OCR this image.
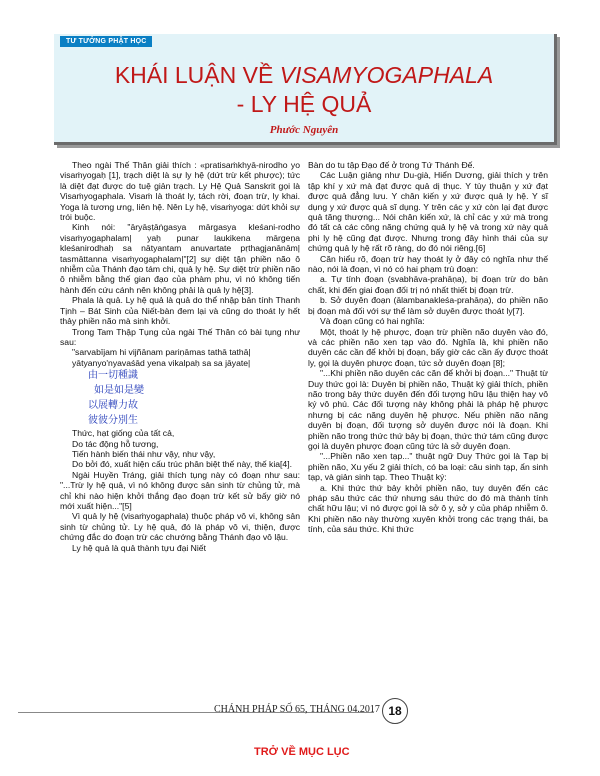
TƯ TƯỞNG PHẬT HỌC
KHÁI LUẬN VỀ VISAMYOGAPHALA
- LY HỆ QUẢ
Phước Nguyên

Theo ngài Thế Thân giải thích : «pratisaṁkhyā-nirodho yo visaṁyogaḥ [1], trạch diệt là sự ly hệ (dứt trừ kết phược); tức là diệt đạt được do tuệ giản trạch. Ly Hệ Quả Sanskrit gọi là Visaṁyogaphala. Visaṁ là thoát ly, tách rời, đoạn trừ, ly khai. Yoga là tương ưng, liên hệ. Nên Ly hệ, visaṁyoga: dứt khỏi sự trói buộc.

Kinh nói: "āryāṣṭāṅgasya mārgasya kleśani-rodho visaṁyogaphalam| yaḥ punar laukikena mārgeṇa kleśanirodhaḥ sa nātyantam anuvartate pṛthagjanānām| tasmāttanna visaṁyogaphalam|"[2] sự diệt tận phiền não ô nhiễm của Thánh đạo tám chi, quả ly hệ. Sự diệt trừ phiền não ô nhiễm bằng thế gian đạo của phàm phu, vì nó không tiến hành đến cứu cánh nên không phải là quả ly hệ[3].

Phala là quả. Ly hệ quả là quả do thể nhập bản tính Thanh Tịnh – Bát Sinh của Niết-bàn đem lại và cũng do thoát ly hết thảy phiền não mà sinh khởi.

Trong Tam Thập Tụng của ngài Thế Thân có bài tụng như sau:

"sarvabījam hi vijñānam pariṇāmas tathā tathā|

yātyanyo'nyavaśād yena vikalpaḥ sa sa jāyate|

由一切種識

如是如是變

以展轉力故

彼彼分別生

Thức, hạt giống của tất cả,

Do tác động hỗ tương,

Tiến hành biến thái như vậy, như vậy,

Do bởi đó, xuất hiện cấu trúc phân biệt thế này, thế kia[4].

Ngài Huyền Tráng, giải thích tụng này có đoạn như sau: "...Trừ ly hệ quả, vì nó không được sản sinh từ chủng tử, mà chỉ khi nào hiện khởi thắng đạo đoạn trừ kết sử bấy giờ nó mới xuất hiện..."[5]

Vì quả ly hệ (visaṁyogaphala) thuộc pháp vô vi, không sản sinh từ chủng tử. Ly hệ quả, đó là pháp vô vi, thiện, được chứng đắc do đoạn trừ các chướng bằng Thánh đạo vô lậu.

Ly hệ quả là quả thành tựu đại Niết

Bàn do tu tập Đạo đế ở trong Tứ Thánh Đế.

Các Luận giảng như Du-già, Hiển Dương, giải thích y trên tập khí y xứ mà đạt được quả dị thục. Y tùy thuận y xứ đạt được quả đẳng lưu. Y chân kiến y xứ được quả ly hệ. Y sĩ dụng y xứ được quả sĩ dụng. Y trên các y xứ còn lại đạt được quả tăng thượng... Nói chân kiến xứ, là chỉ các y xứ mà trong đó tất cả các công năng chứng quả ly hệ và trong xứ này quả phi ly hệ cũng đạt được. Nhưng trong đây hình thái của sự chứng quả ly hệ rất rõ ràng, do đó nói riêng.[6]

Căn hiểu rõ, đoạn trừ hay thoát ly ở đây có nghĩa như thế nào, nói là đoạn, vì nó có hai phạm trù đoạn:

a. Tự tính đoạn (svabhāva-prahāṇa), bị đoạn trừ do bản chất, khi đến giai đoạn đối trị nó nhất thiết bị đoạn trừ.

b. Sở duyên đoạn (ālambanakleśa-prahāṇa), do phiền não bị đoạn mà đối với sự thể làm sở duyên được thoát ly[7].

Và đoạn cũng có hai nghĩa:

Một, thoát ly hệ phược, đoạn trừ phiền não duyên vào đó, và các phiền não xen tạp vào đó. Nghĩa là, khi phiền não duyên các cần để khởi bị đoạn, bấy giờ các cần ấy được thoát ly, gọi là duyên phược đoạn, tức sở duyên đoạn [8];

"...Khi phiền não duyên các căn để khởi bị đoạn..." Thuật từ Duy thức gọi là: Duyên bị phiền não, Thuật ký giải thích, phiền não trong bảy thức duyên đến đối tượng hữu lậu thiện hay vô ký vô phú. Các đối tượng này không phải là pháp hệ phược nhưng bị các năng duyên hệ phược. Nếu phiền não năng duyên bị đoạn, đối tượng sở duyên được nói là đoạn. Khi phiền não trong thức thứ bảy bị đoạn, thức thứ tám cũng được gọi là duyên phược đoạn cũng tức là sở duyên đoạn.

"...Phiền não xen tạp..." thuật ngữ Duy Thức gọi là Tạp bị phiền não, Xu yếu 2 giải thích, có ba loại: câu sinh tạp, ẩn sinh tạp, và giản sinh tạp. Theo Thuật ký:

a. Khi thức thứ bảy khởi phiền não, tuy duyên đến các pháp sâu thức các thứ nhưng sáu thức do đó mà thành tính chất hữu lậu; vì nó được gọi là sở ô y, sở y của pháp nhiễm ô. Khi phiền não này thường xuyên khởi trong các trạng thái, ba tính, của sáu thức. Khi thức

CHÁNH PHÁP SỐ 65, THÁNG 04.2017 18
TRỞ VỀ MỤC LỤC
